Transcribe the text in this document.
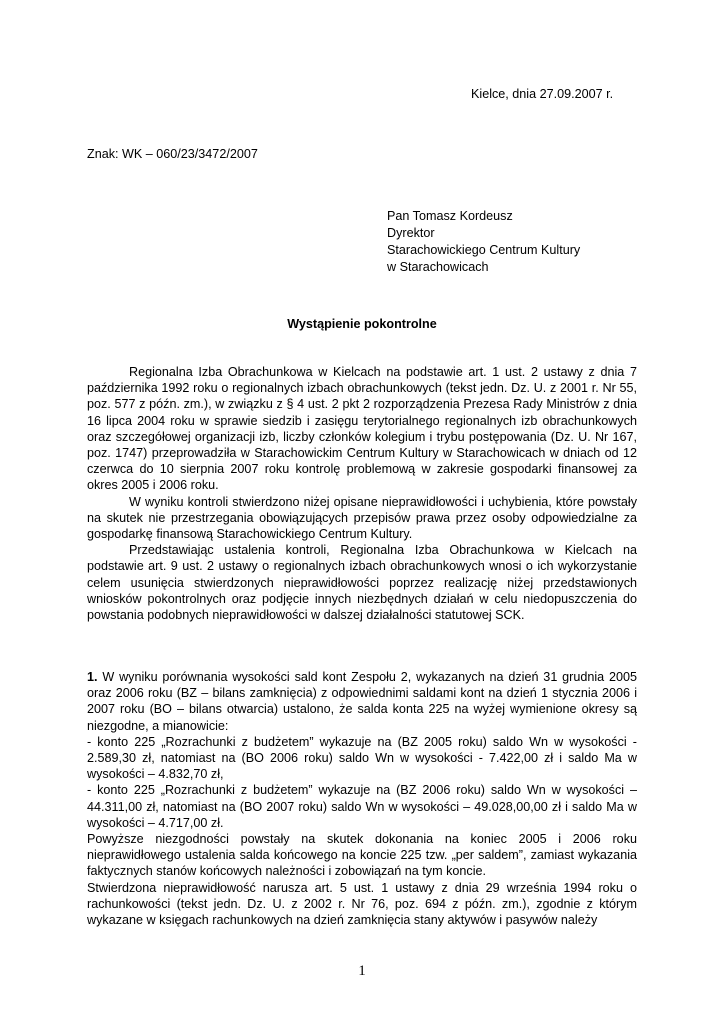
Kielce, dnia 27.09.2007 r.
Znak: WK – 060/23/3472/2007
Pan Tomasz Kordeusz
Dyrektor
Starachowickiego Centrum Kultury
w Starachowicach
Wystąpienie pokontrolne

Regionalna Izba Obrachunkowa w Kielcach na podstawie art. 1 ust. 2 ustawy z dnia 7 października 1992 roku o regionalnych izbach obrachunkowych (tekst jedn. Dz. U. z 2001 r. Nr 55, poz. 577 z późn. zm.), w związku z § 4 ust. 2 pkt 2 rozporządzenia Prezesa Rady Ministrów z dnia 16 lipca 2004 roku w sprawie siedzib i zasięgu terytorialnego regionalnych izb obrachunkowych oraz szczegółowej organizacji izb, liczby członków kolegium i trybu postępowania (Dz. U. Nr 167, poz. 1747) przeprowadziła w Starachowickim Centrum Kultury w Starachowicach w dniach od 12 czerwca do 10 sierpnia 2007 roku kontrolę problemową w zakresie gospodarki finansowej za okres 2005 i 2006 roku.

W wyniku kontroli stwierdzono niżej opisane nieprawidłowości i uchybienia, które powstały na skutek nie przestrzegania obowiązujących przepisów prawa przez osoby odpowiedzialne za gospodarkę finansową Starachowickiego Centrum Kultury.

Przedstawiając ustalenia kontroli, Regionalna Izba Obrachunkowa w Kielcach na podstawie art. 9 ust. 2 ustawy o regionalnych izbach obrachunkowych wnosi o ich wykorzystanie celem usunięcia stwierdzonych nieprawidłowości poprzez realizację niżej przedstawionych wniosków pokontrolnych oraz podjęcie innych niezbędnych działań w celu niedopuszczenia do powstania podobnych nieprawidłowości w dalszej działalności statutowej SCK.

1. W wyniku porównania wysokości sald kont Zespołu 2, wykazanych na dzień 31 grudnia 2005 oraz 2006 roku (BZ – bilans zamknięcia) z odpowiednimi saldami kont na dzień 1 stycznia 2006 i 2007 roku (BO – bilans otwarcia) ustalono, że salda konta 225 na wyżej wymienione okresy są niezgodne, a mianowicie:

- konto 225 „Rozrachunki z budżetem” wykazuje na (BZ 2005 roku) saldo Wn w wysokości - 2.589,30 zł, natomiast na (BO 2006 roku) saldo Wn w wysokości - 7.422,00 zł i saldo Ma w wysokości – 4.832,70 zł,

- konto 225 „Rozrachunki z budżetem” wykazuje na (BZ 2006 roku) saldo Wn w wysokości – 44.311,00 zł, natomiast na (BO 2007 roku) saldo Wn w wysokości – 49.028,00,00 zł i saldo Ma w wysokości – 4.717,00 zł.

Powyższe niezgodności powstały na skutek dokonania na koniec 2005 i 2006 roku nieprawidłowego ustalenia salda końcowego na koncie 225 tzw. „per saldem”, zamiast wykazania faktycznych stanów końcowych należności i zobowiązań na tym koncie.

Stwierdzona nieprawidłowość narusza art. 5 ust. 1 ustawy z dnia 29 września 1994 roku o rachunkowości (tekst jedn. Dz. U. z 2002 r. Nr 76, poz. 694 z późn. zm.), zgodnie z którym wykazane w księgach rachunkowych na dzień zamknięcia stany aktywów i pasywów należy

1
